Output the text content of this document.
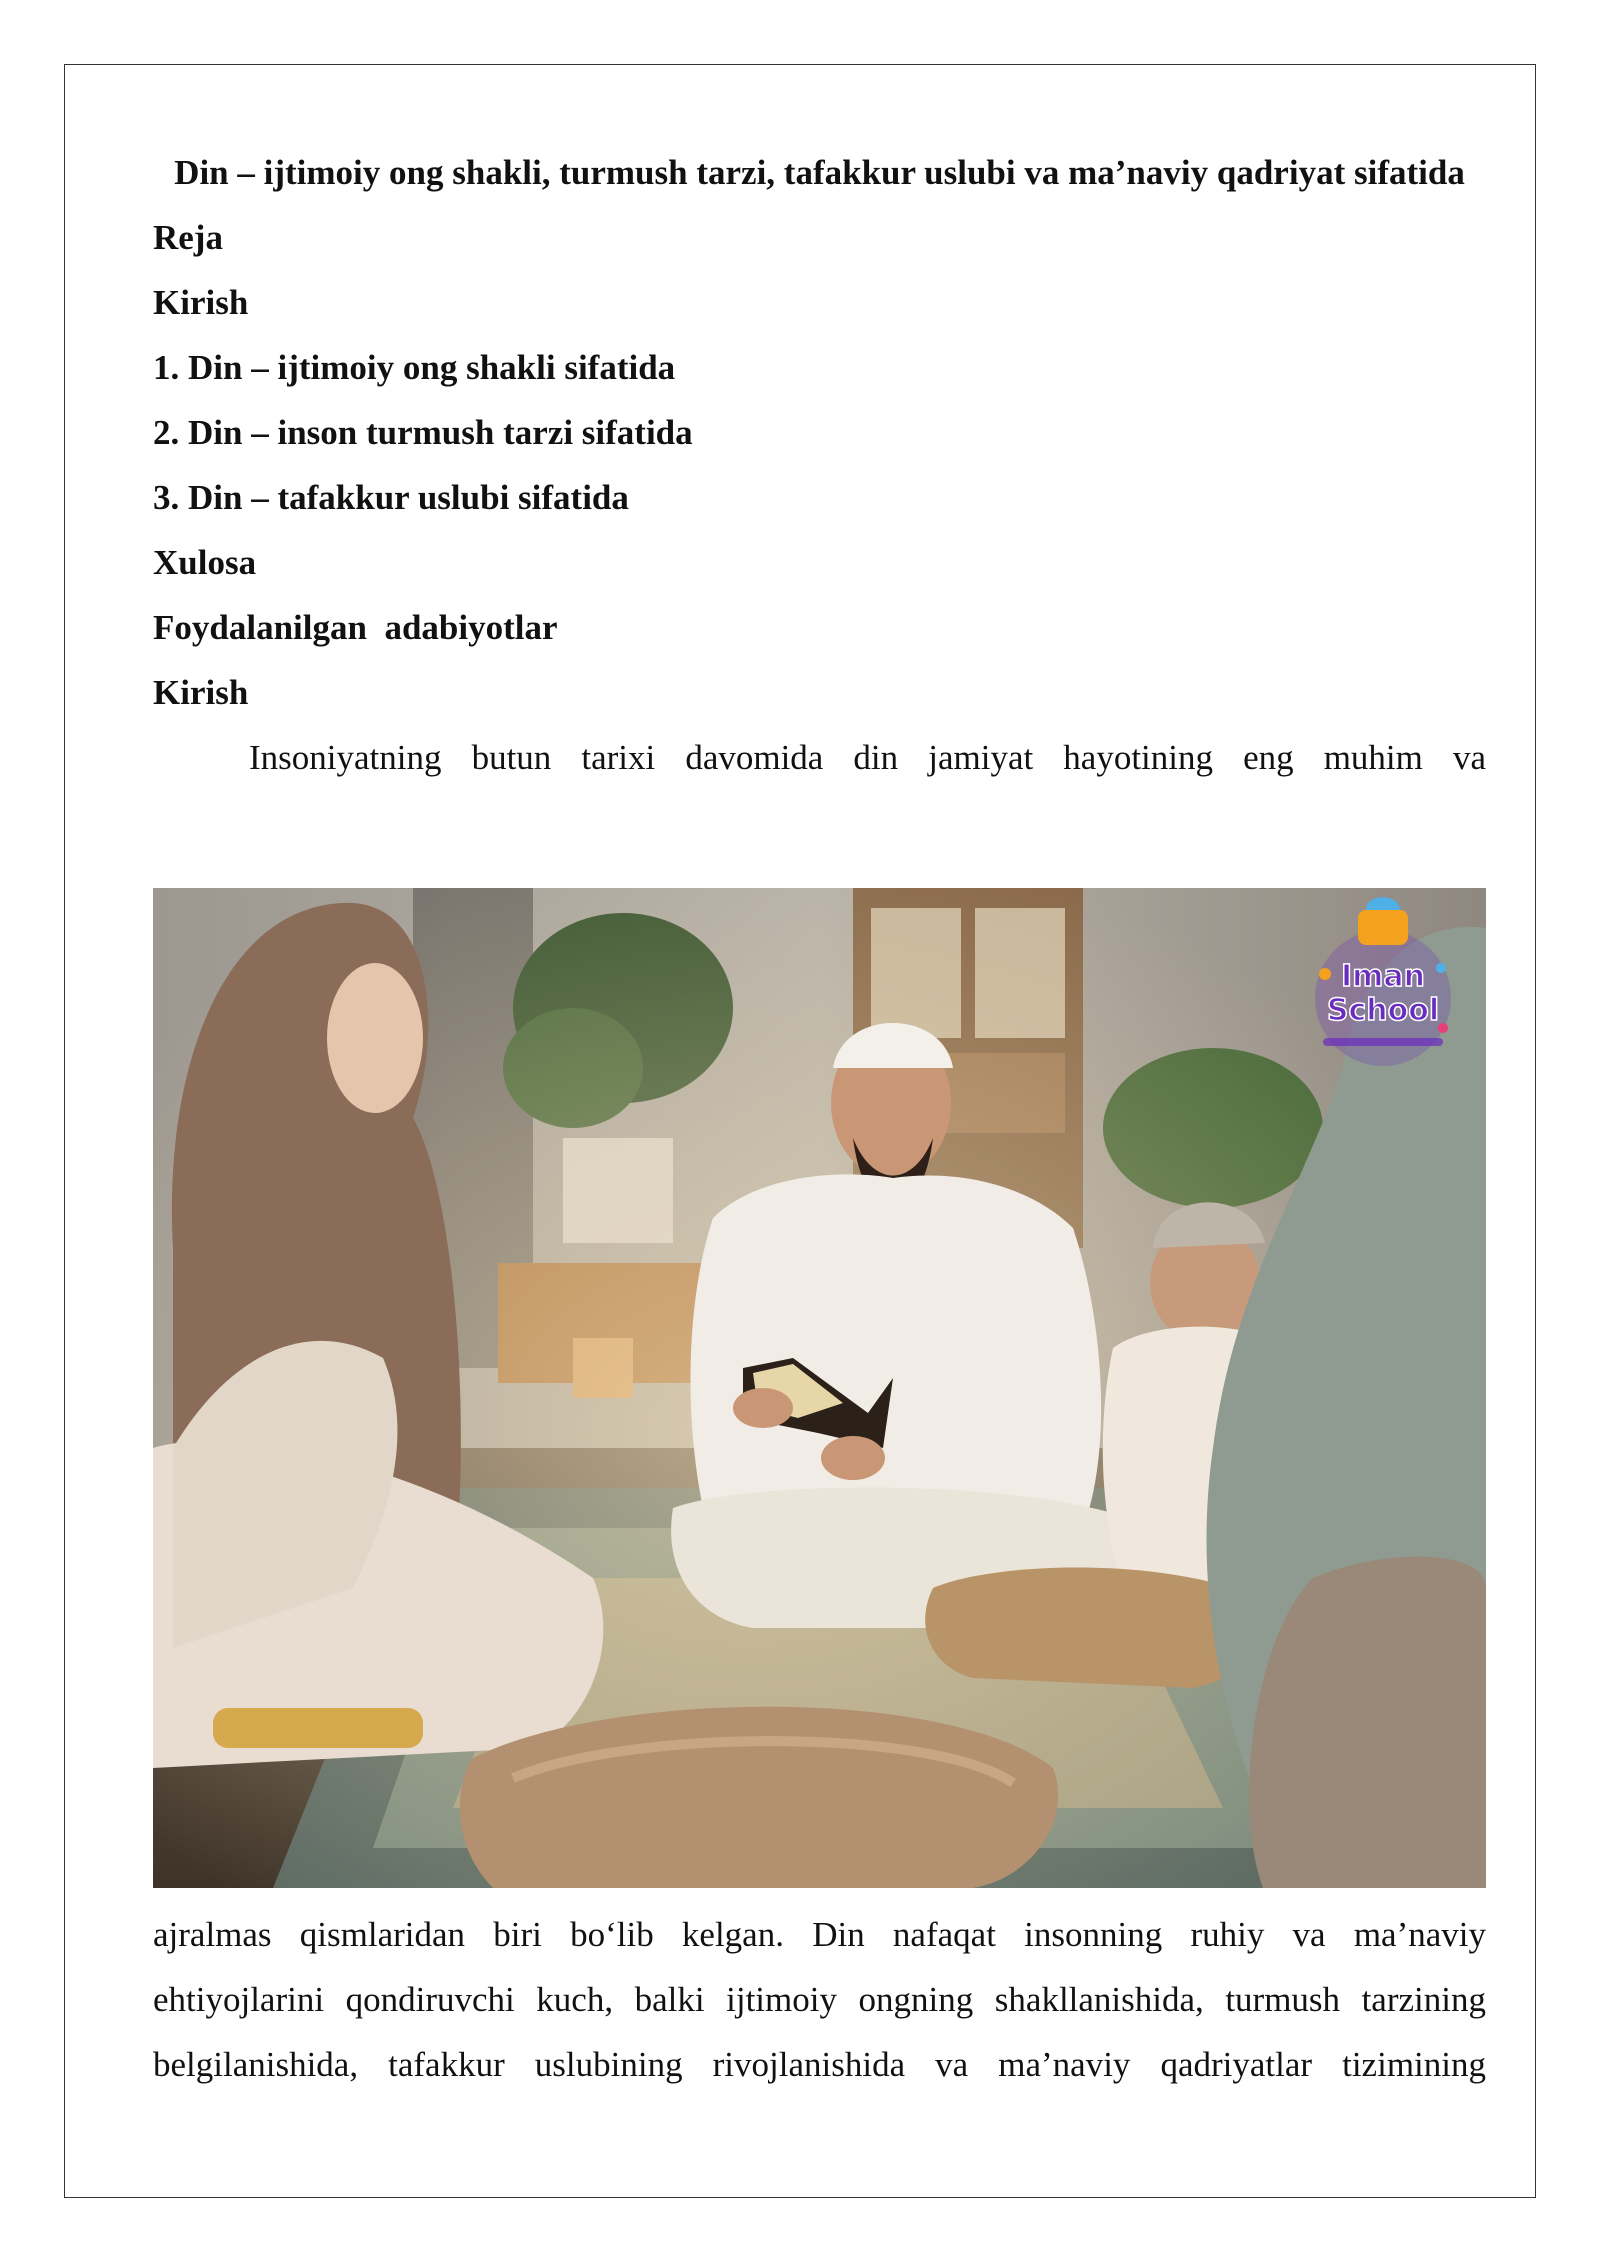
Din – ijtimoiy ong shakli, turmush tarzi, tafakkur uslubi va ma’naviy qadriyat sifatida

Reja

Kirish

1. Din – ijtimoiy ong shakli sifatida

2. Din – inson turmush tarzi sifatida

3. Din – tafakkur uslubi sifatida

Xulosa

Foydalanilgan  adabiyotlar

Kirish

Insoniyatning butun tarixi davomida din jamiyat hayotining eng muhim va

Iman
School

ajralmas qismlaridan biri bo‘lib kelgan. Din nafaqat insonning ruhiy va ma’naviy

ehtiyojlarini qondiruvchi kuch, balki ijtimoiy ongning shakllanishida, turmush tarzining

belgilanishida, tafakkur uslubining rivojlanishida va ma’naviy qadriyatlar tizimining
